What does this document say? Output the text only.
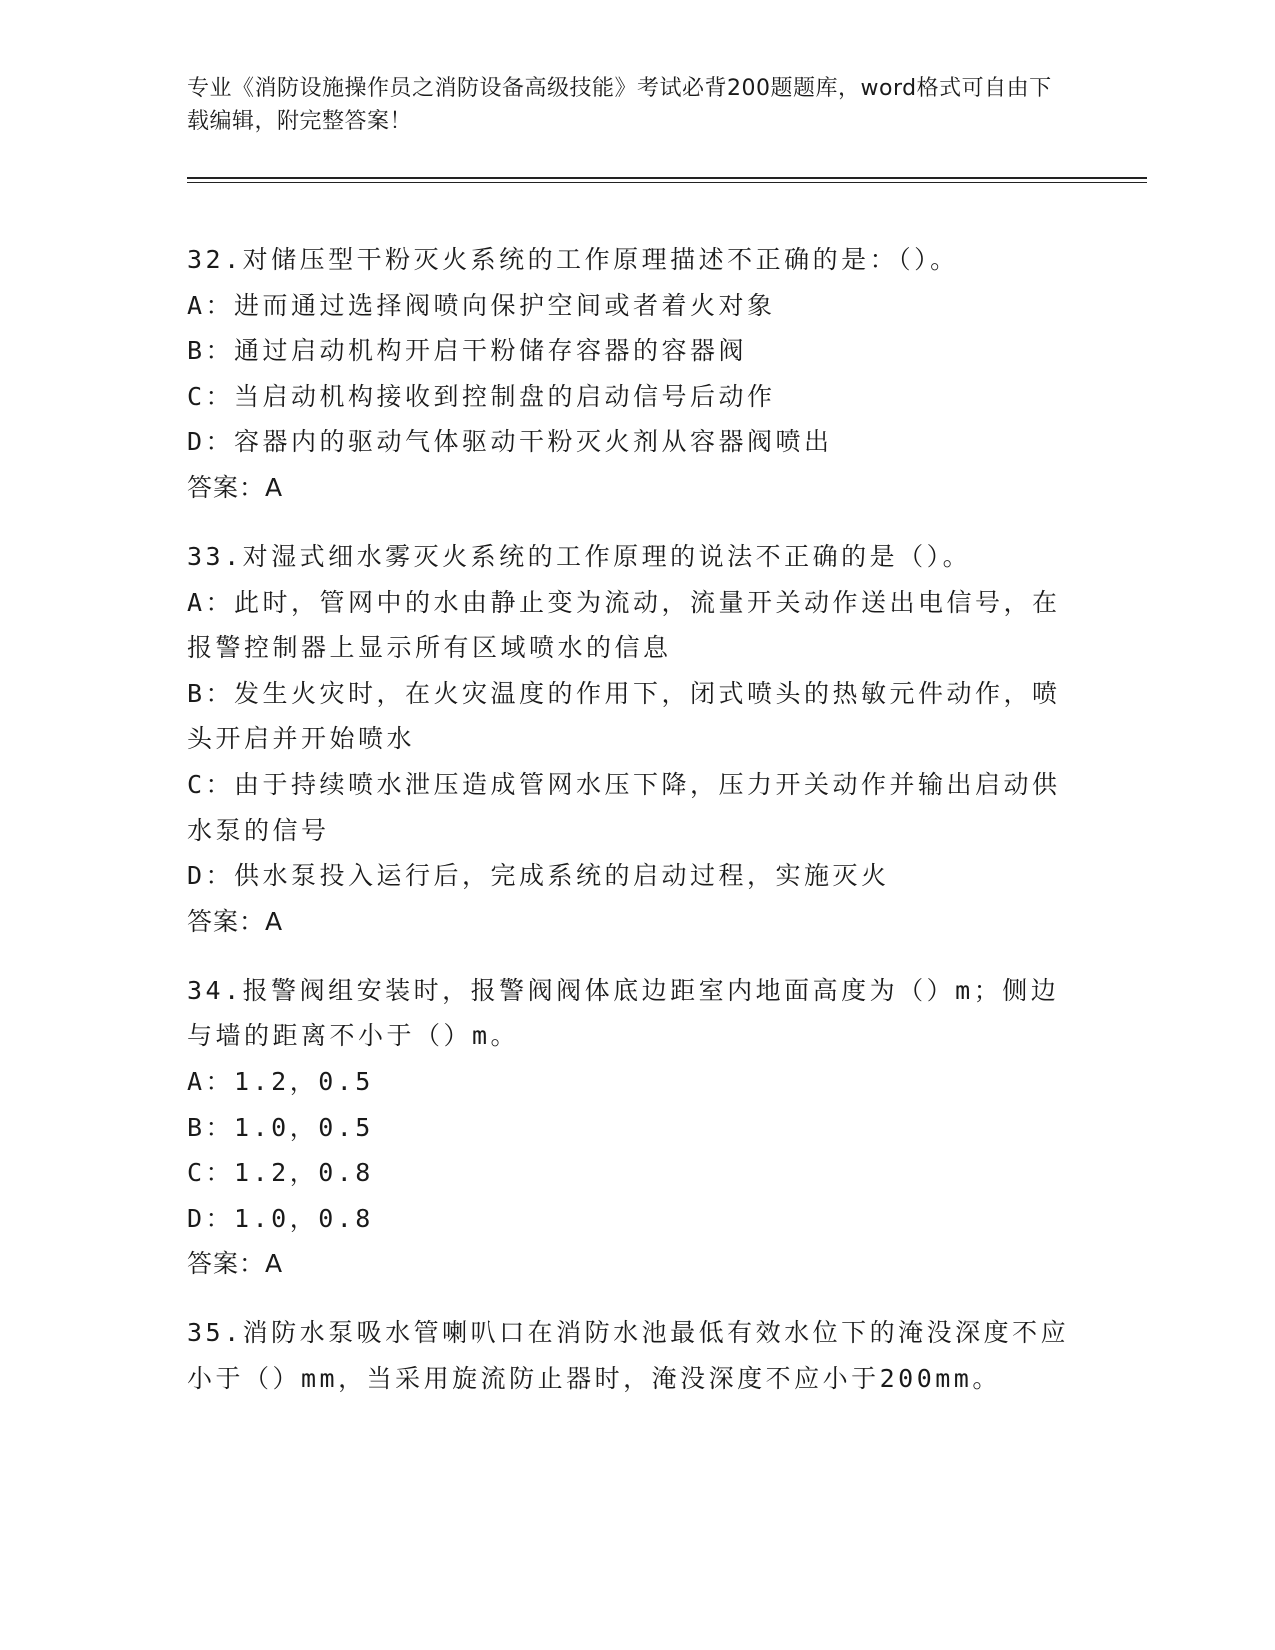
专业《消防设施操作员之消防设备高级技能》考试必背200题题库，word格式可自由下载编辑，附完整答案！
32.对储压型干粉灭火系统的工作原理描述不正确的是：（）。
A：进而通过选择阀喷向保护空间或者着火对象
B：通过启动机构开启干粉储存容器的容器阀
C：当启动机构接收到控制盘的启动信号后动作
D：容器内的驱动气体驱动干粉灭火剂从容器阀喷出
答案：A
33.对湿式细水雾灭火系统的工作原理的说法不正确的是（）。
A：此时，管网中的水由静止变为流动，流量开关动作送出电信号，在报警控制器上显示所有区域喷水的信息
B：发生火灾时，在火灾温度的作用下，闭式喷头的热敏元件动作，喷头开启并开始喷水
C：由于持续喷水泄压造成管网水压下降，压力开关动作并输出启动供水泵的信号
D：供水泵投入运行后，完成系统的启动过程，实施灭火
答案：A
34.报警阀组安装时，报警阀阀体底边距室内地面高度为（）m；侧边与墙的距离不小于（）m。
A：1.2，0.5
B：1.0，0.5
C：1.2，0.8
D：1.0，0.8
答案：A
35.消防水泵吸水管喇叭口在消防水池最低有效水位下的淹没深度不应小于（）mm，当采用旋流防止器时，淹没深度不应小于200mm。
